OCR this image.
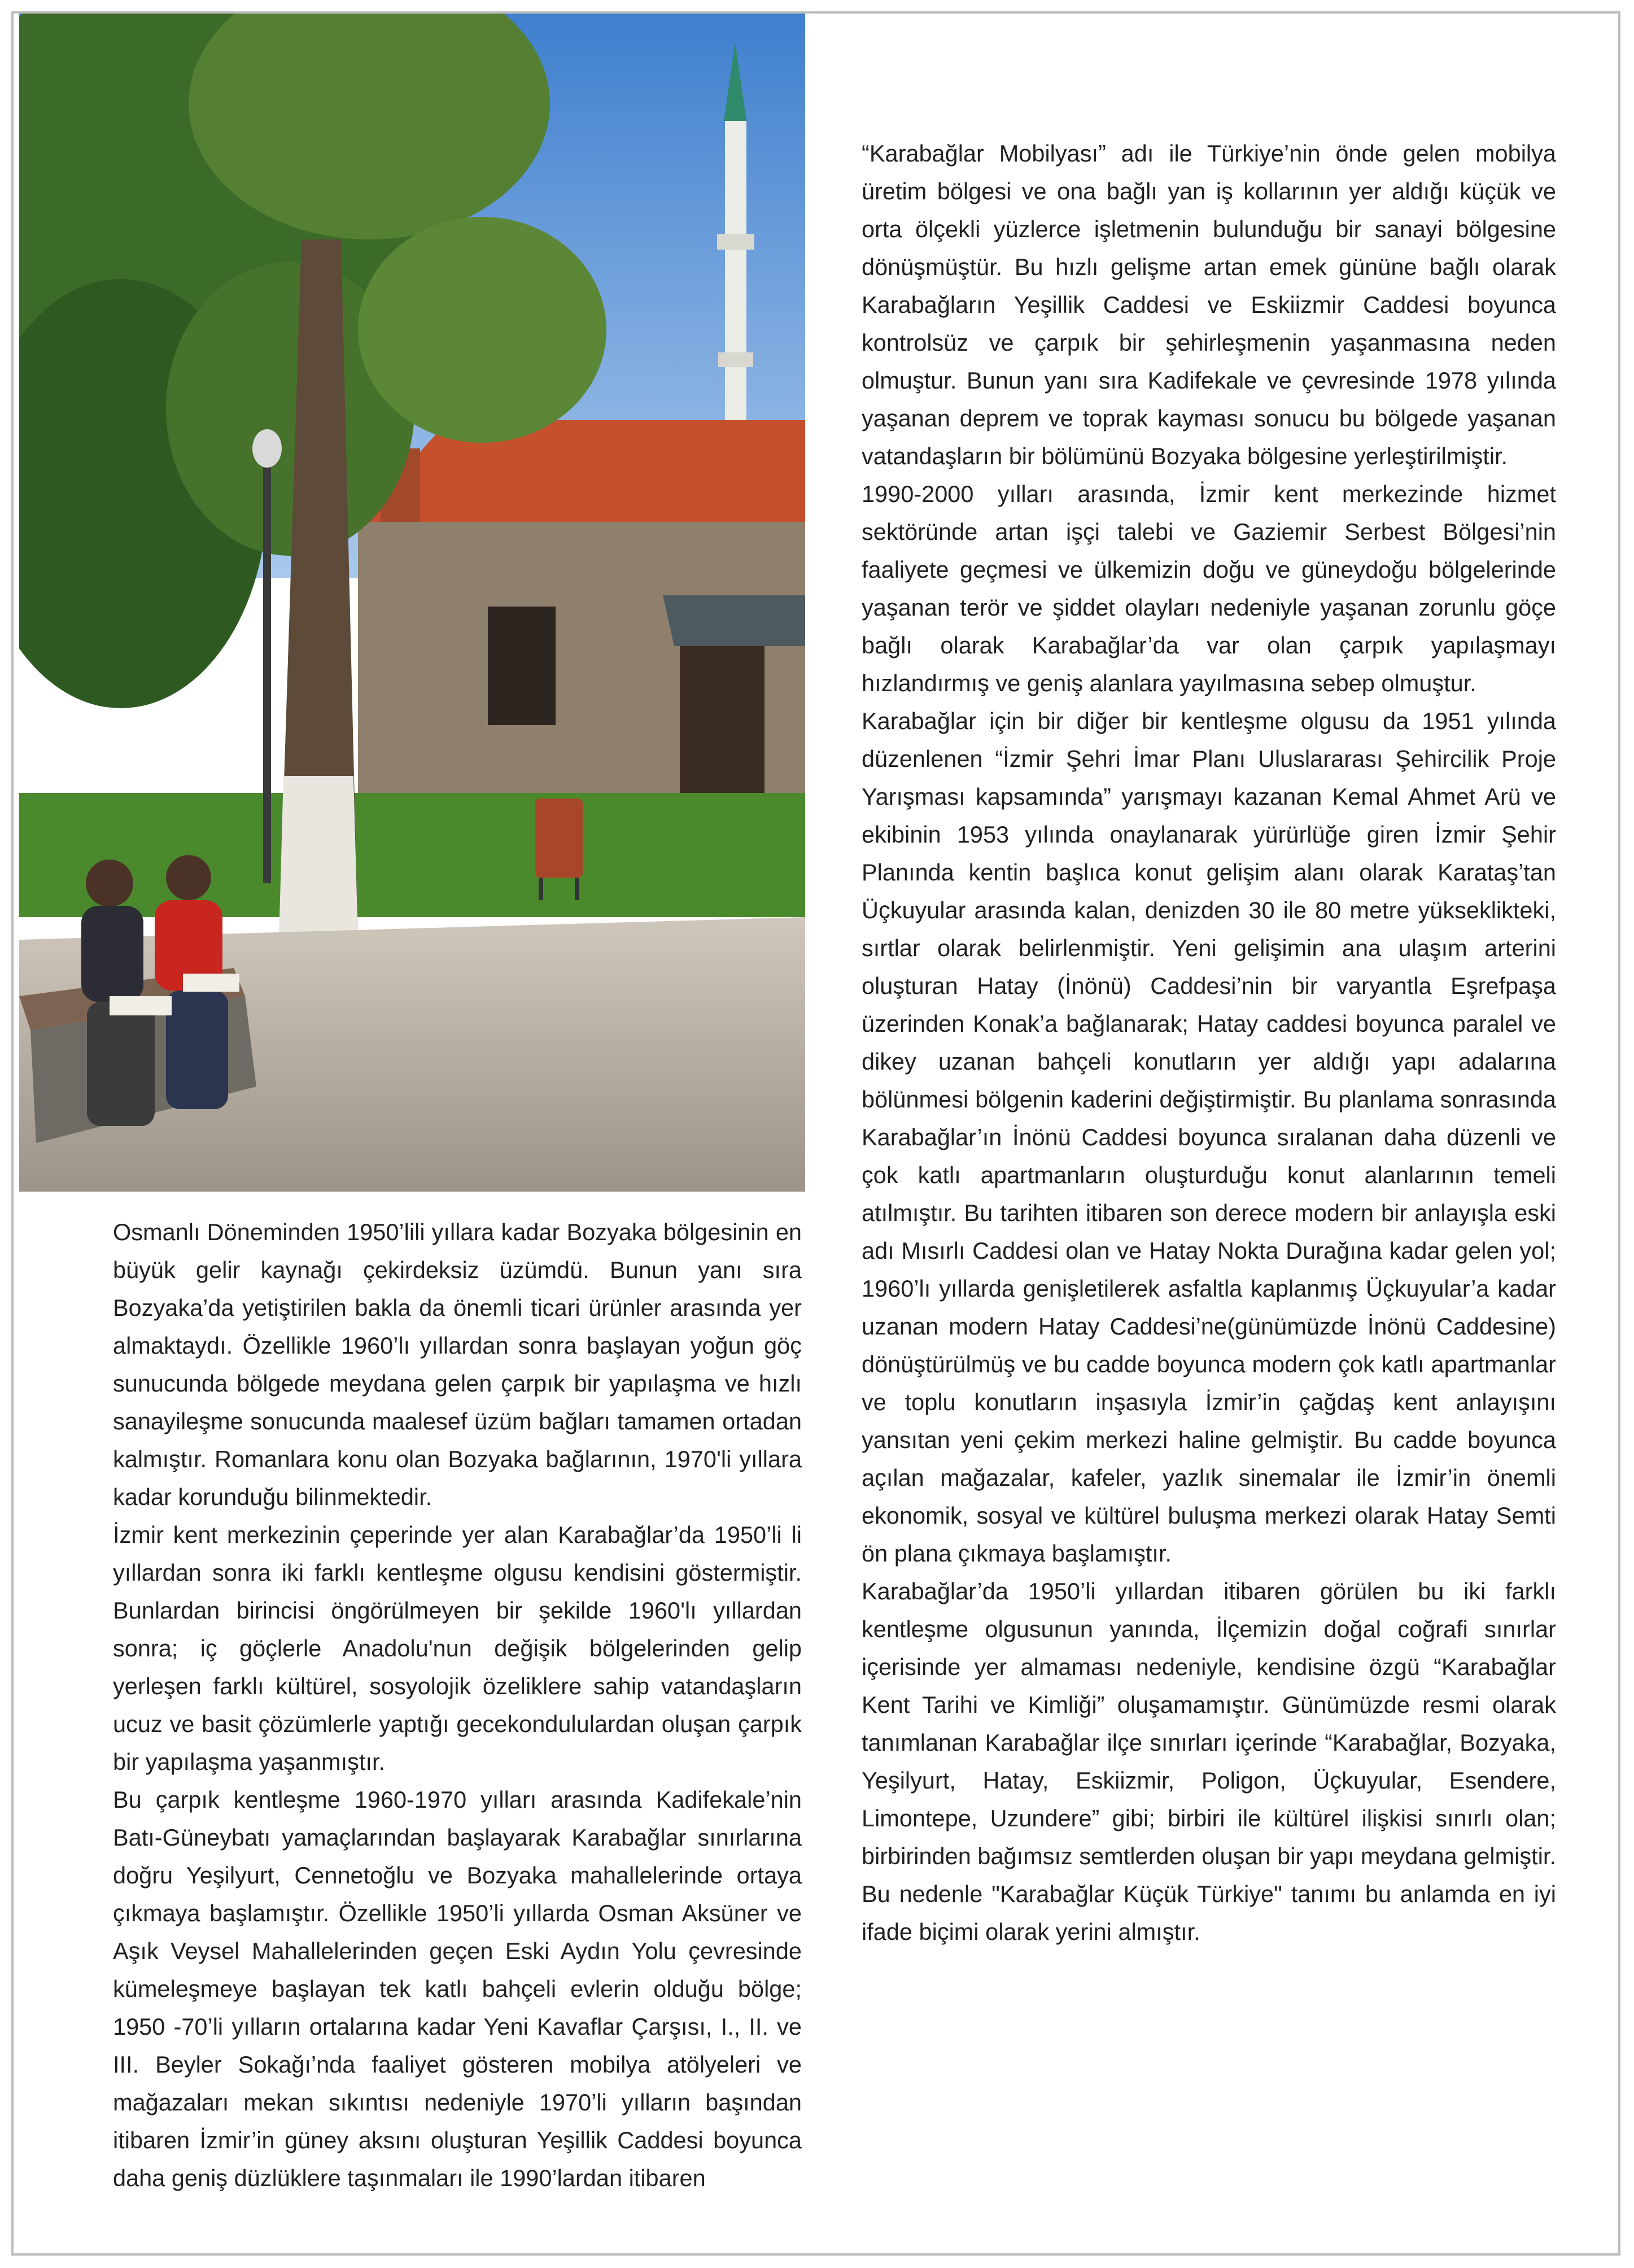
Osmanlı Döneminden 1950’lili yıllara kadar Bozyaka bölgesinin en büyük gelir kaynağı çekirdeksiz üzümdü. Bunun yanı sıra Bozyaka’da yetiştirilen bakla da önemli ticari ürünler arasında yer almaktaydı. Özellikle 1960’lı yıllardan sonra başlayan yoğun göç sunucunda bölgede meydana gelen çarpık bir yapılaşma ve hızlı sanayileşme sonucunda maalesef üzüm bağları tamamen ortadan kalmıştır. Romanlara konu olan Bozyaka bağlarının, 1970'li yıllara kadar korunduğu bilinmektedir.

İzmir kent merkezinin çeperinde yer alan Karabağlar’da 1950’li li yıllardan sonra iki farklı kentleşme olgusu kendisini göstermiştir. Bunlardan birincisi öngörülmeyen bir şekilde 1960'lı yıllardan sonra; iç göçlerle Anadolu'nun değişik bölgelerinden gelip yerleşen farklı kültürel, sosyolojik özeliklere sahip vatandaşların ucuz ve basit çözümlerle yaptığı gecekondululardan oluşan çarpık bir yapılaşma yaşanmıştır.

Bu çarpık kentleşme 1960-1970 yılları arasında Kadifekale’nin Batı-Güneybatı yamaçlarından başlayarak Karabağlar sınırlarına doğru Yeşilyurt, Cennetoğlu ve Bozyaka mahallelerinde ortaya çıkmaya başlamıştır. Özellikle 1950’li yıllarda Osman Aksüner ve Aşık Veysel Mahallelerinden geçen Eski Aydın Yolu çevresinde kümeleşmeye başlayan tek katlı bahçeli evlerin olduğu bölge; 1950 -70’li yılların ortalarına kadar Yeni Kavaflar Çarşısı, I., II. ve III. Beyler Sokağı’nda faaliyet gösteren mobilya atölyeleri ve mağazaları mekan sıkıntısı nedeniyle 1970’li yılların başından itibaren İzmir’in güney aksını oluşturan Yeşillik Caddesi boyunca daha geniş düzlüklere taşınmaları ile 1990’lardan itibaren

“Karabağlar Mobilyası” adı ile Türkiye’nin önde gelen mobilya üretim bölgesi ve ona bağlı yan iş kollarının yer aldığı küçük ve orta ölçekli yüzlerce işletmenin bulunduğu bir sanayi bölgesine dönüşmüştür. Bu hızlı gelişme artan emek gününe bağlı olarak Karabağların Yeşillik Caddesi ve Eskiizmir Caddesi boyunca kontrolsüz ve çarpık bir şehirleşmenin yaşanmasına neden olmuştur. Bunun yanı sıra Kadifekale ve çevresinde 1978 yılında yaşanan deprem ve toprak kayması sonucu bu bölgede yaşanan vatandaşların bir bölümünü Bozyaka bölgesine yerleştirilmiştir.

1990-2000 yılları arasında, İzmir kent merkezinde hizmet sektöründe artan işçi talebi ve Gaziemir Serbest Bölgesi’nin faaliyete geçmesi ve ülkemizin doğu ve güneydoğu bölgelerinde yaşanan terör ve şiddet olayları nedeniyle yaşanan zorunlu göçe bağlı olarak Karabağlar’da var olan çarpık yapılaşmayı hızlandırmış ve geniş alanlara yayılmasına sebep olmuştur.

Karabağlar için bir diğer bir kentleşme olgusu da 1951 yılında düzenlenen “İzmir Şehri İmar Planı Uluslararası Şehircilik Proje Yarışması kapsamında” yarışmayı kazanan Kemal Ahmet Arü ve ekibinin 1953 yılında onaylanarak yürürlüğe giren İzmir Şehir Planında kentin başlıca konut gelişim alanı olarak Karataş’tan Üçkuyular arasında kalan, denizden 30 ile 80 metre yükseklikteki, sırtlar olarak belirlenmiştir. Yeni gelişimin ana ulaşım arterini oluşturan Hatay (İnönü) Caddesi’nin bir varyantla Eşrefpaşa üzerinden Konak’a bağlanarak; Hatay caddesi boyunca paralel ve dikey uzanan bahçeli konutların yer aldığı yapı adalarına bölünmesi bölgenin kaderini değiştirmiştir. Bu planlama sonrasında Karabağlar’ın İnönü Caddesi boyunca sıralanan daha düzenli ve çok katlı apartmanların oluşturduğu konut alanlarının temeli atılmıştır. Bu tarihten itibaren son derece modern bir anlayışla eski adı Mısırlı Caddesi olan ve Hatay Nokta Durağına kadar gelen yol; 1960’lı yıllarda genişletilerek asfaltla kaplanmış Üçkuyular’a kadar uzanan modern Hatay Caddesi’ne(günümüzde İnönü Caddesine) dönüştürülmüş ve bu cadde boyunca modern çok katlı apartmanlar ve toplu konutların inşasıyla İzmir’in çağdaş kent anlayışını yansıtan yeni çekim merkezi haline gelmiştir. Bu cadde boyunca açılan mağazalar, kafeler, yazlık sinemalar ile İzmir’in önemli ekonomik, sosyal ve kültürel buluşma merkezi olarak Hatay Semti ön plana çıkmaya başlamıştır.

Karabağlar’da 1950’li yıllardan itibaren görülen bu iki farklı kentleşme olgusunun yanında, İlçemizin doğal coğrafi sınırlar içerisinde yer almaması nedeniyle, kendisine özgü “Karabağlar Kent Tarihi ve Kimliği” oluşamamıştır. Günümüzde resmi olarak tanımlanan Karabağlar ilçe sınırları içerinde “Karabağlar, Bozyaka, Yeşilyurt, Hatay, Eskiizmir, Poligon, Üçkuyular, Esendere, Limontepe, Uzundere” gibi; birbiri ile kültürel ilişkisi sınırlı olan; birbirinden bağımsız semtlerden oluşan bir yapı meydana gelmiştir. Bu nedenle "Karabağlar Küçük Türkiye" tanımı bu anlamda en iyi ifade biçimi olarak yerini almıştır.
